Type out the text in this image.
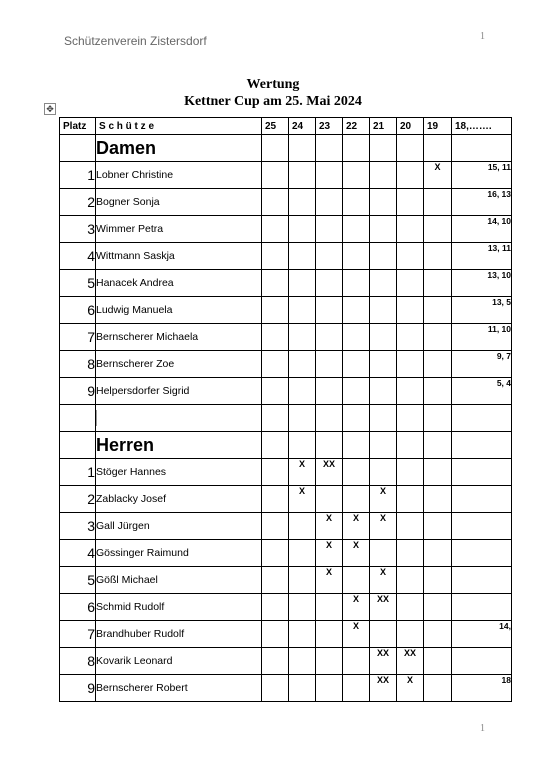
Schützenverein Zistersdorf	1
Wertung
Kettner Cup am 25. Mai 2024
✥
Platz	S c h ü t z e	25	24	23	22	21	20	19	18,…….
	Damen								
1	Lobner Christine							X	15, 11
2	Bogner Sonja								16, 13
3	Wimmer Petra								14, 10
4	Wittmann Saskja								13, 11
5	Hanacek Andrea								13, 10
6	Ludwig Manuela								13, 5
7	Bernscherer Michaela								11, 10
8	Bernscherer Zoe								9, 7
9	Helpersdorfer Sigrid								5, 4

	Herren								
1	Stöger Hannes		X	XX					
2	Zablacky Josef		X			X			
3	Gall Jürgen			X	X	X			
4	Gössinger Raimund			X	X				
5	Gößl Michael			X		X			
6	Schmid Rudolf				X	XX			
7	Brandhuber Rudolf				X				14,
8	Kovarik Leonard					XX	XX		
9	Bernscherer Robert					XX	X		18
1
